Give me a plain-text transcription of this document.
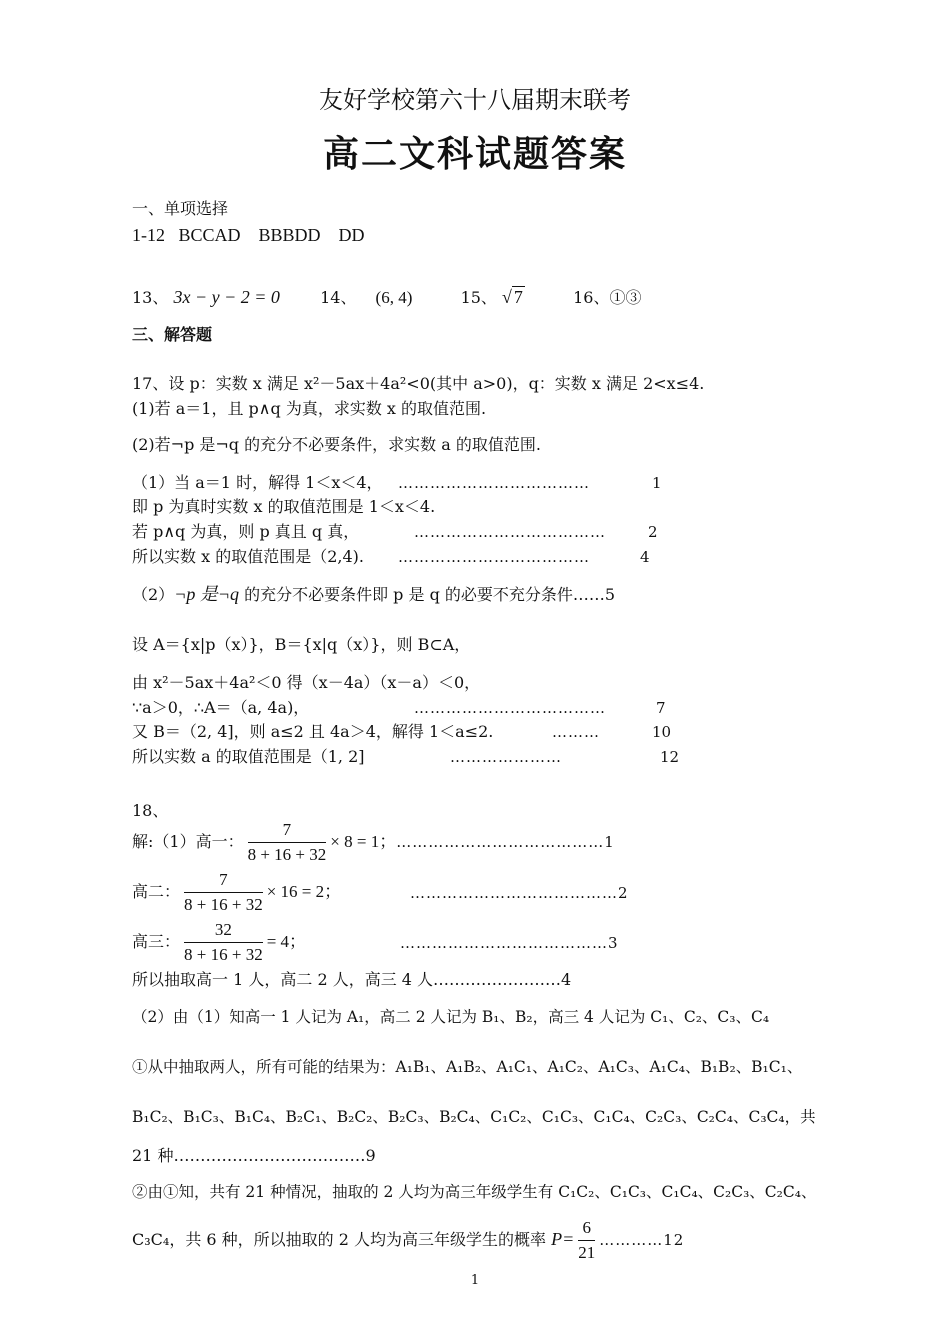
友好学校第六十八届期末联考
高二文科试题答案
一、单项选择
1-12   BCCAD    BBBDD    DD
13、 3x − y − 2 = 0	14、 (6, 4)	15、 √ 7	16、①③
三、解答题
17、设 p：实数 x 满足 x²－5ax＋4a²<0(其中 a>0)，q：实数 x 满足 2<x≤4.
(1)若 a＝1，且 p∧q 为真，求实数 x 的取值范围.
(2)若¬p 是¬q 的充分不必要条件，求实数 a 的取值范围.
（1）当 a＝1 时，解得 1＜x＜4， ………………………………	1
即 p 为真时实数 x 的取值范围是 1＜x＜4.
若 p∧q 为真，则 p 真且 q 真，	………………………………	2
所以实数 x 的取值范围是（2,4). ………………………………	4
（2）¬p 是¬q 的充分不必要条件即 p 是 q 的必要不充分条件……5
设 A＝{x|p（x）}，B＝{x|q（x）}，则 B⊂A，
由 x²－5ax＋4a²＜0 得（x－4a）（x－a）＜0，
∵a＞0，∴A＝（a, 4a)，	………………………………	7
又 B＝（2, 4]，则 a≤2 且 4a＞4，解得 1＜a≤2.	………	10
所以实数 a 的取值范围是（1, 2]	…………………	12
18、
解:（1）高一： $\frac{7}{8 + 16 + 32} \times 8 = 1$；…………………………………1
高二： $\frac{7}{8 + 16 + 32} \times 16 = 2$；	…………………………………2
高三： $\frac{32}{8 + 16 + 32} = 4$；	…………………………………3
所以抽取高一 1 人，高二 2 人，高三 4 人……………………4
（2）由（1）知高一 1 人记为 A₁，高二 2 人记为 B₁、B₂，高三 4 人记为 C₁、C₂、C₃、C₄
①从中抽取两人，所有可能的结果为：A₁B₁、A₁B₂、A₁C₁、A₁C₂、A₁C₃、A₁C₄、B₁B₂、B₁C₁、
B₁C₂、B₁C₃、B₁C₄、B₂C₁、B₂C₂、B₂C₃、B₂C₄、C₁C₂、C₁C₃、C₁C₄、C₂C₃、C₂C₄、C₃C₄，共
21 种………………………………9
②由①知，共有 21 种情况，抽取的 2 人均为高三年级学生有 C₁C₂、C₁C₃、C₁C₄、C₂C₃、C₂C₄、
C₃C₄，共 6 种，所以抽取的 2 人均为高三年级学生的概率 $P= \frac{6}{21}$ …………12
1
